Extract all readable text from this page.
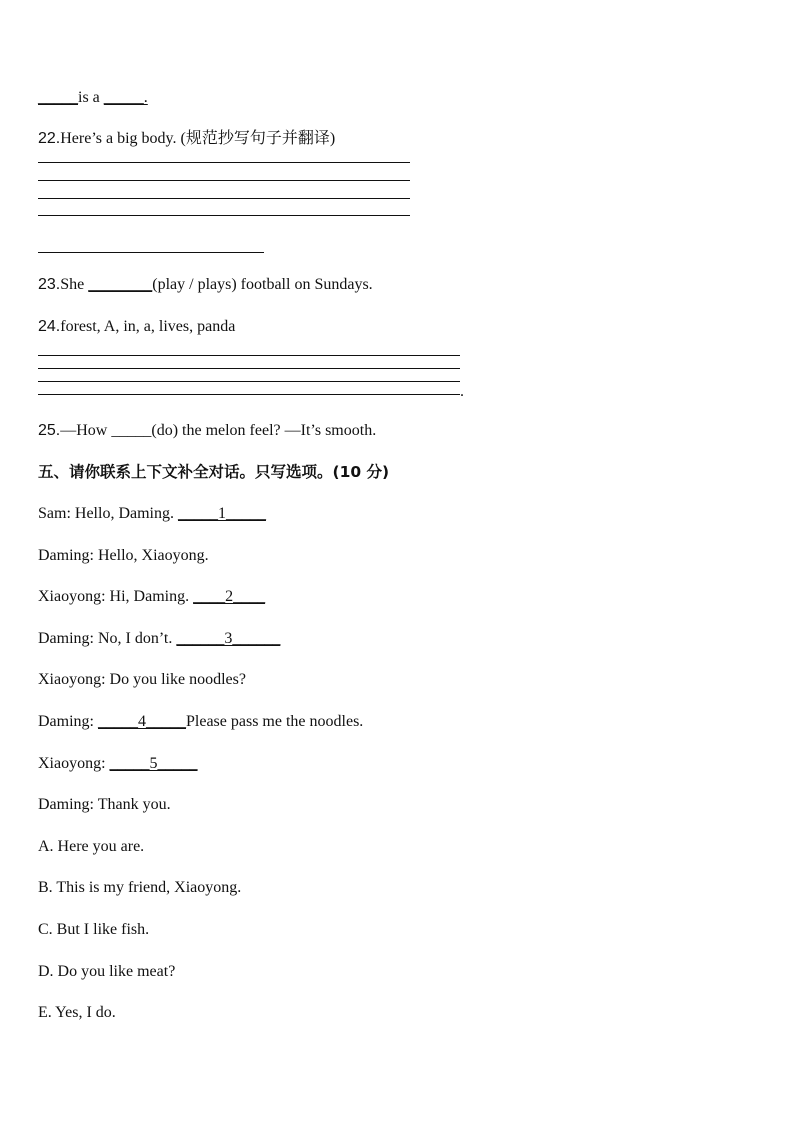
_____is a _____.
22.Here’s a big body. (规范抄写句子并翻译)
23.She ________(play / plays) football on Sundays.
24.forest, A, in, a, lives, panda
.
25.—How _____(do) the melon feel? —It’s smooth.
五、请你联系上下文补全对话。只写选项。(10 分)
Sam: Hello, Daming. _____1_____
Daming: Hello, Xiaoyong.
Xiaoyong: Hi, Daming. ____2____
Daming: No, I don’t. ______3______
Xiaoyong: Do you like noodles?
Daming: _____4_____Please pass me the noodles.
Xiaoyong: _____5_____
Daming: Thank you.
A. Here you are.
B. This is my friend, Xiaoyong.
C. But I like fish.
D. Do you like meat?
E. Yes, I do.
